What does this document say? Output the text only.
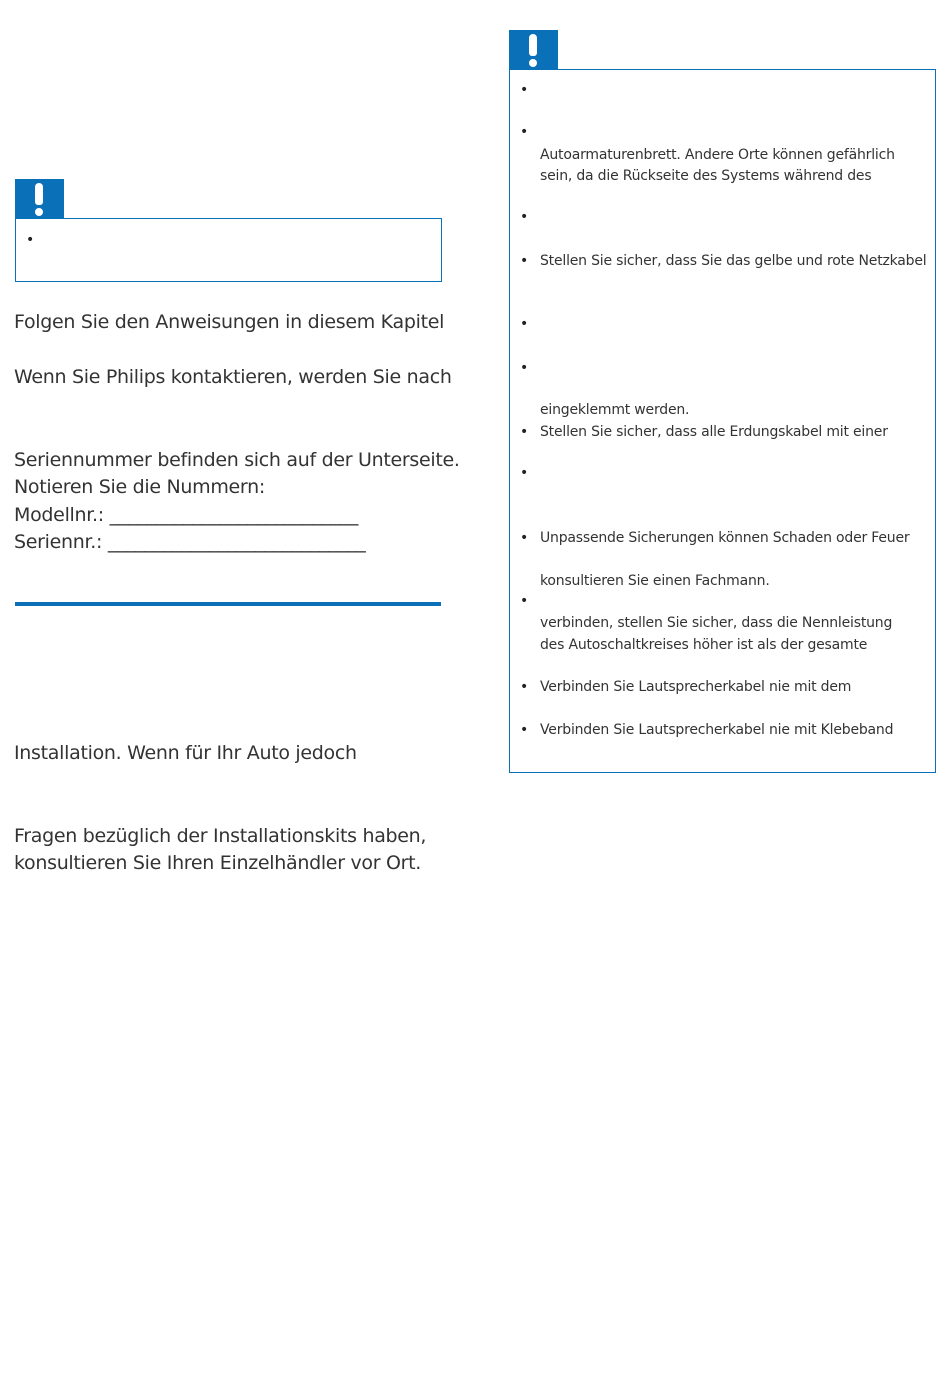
•
Folgen Sie den Anweisungen in diesem Kapitel
Wenn Sie Philips kontaktieren, werden Sie nach
Seriennummer befinden sich auf der Unterseite.
Notieren Sie die Nummern:
Modellnr.: ___________________________
Seriennr.: ____________________________
Installation. Wenn für Ihr Auto jedoch
Fragen bezüglich der Installationskits haben,
konsultieren Sie Ihren Einzelhändler vor Ort.
•
•
•
•
•
•
•
•
•
•
•
•
Autoarmaturenbrett. Andere Orte können gefährlich
sein, da die Rückseite des Systems während des
Stellen Sie sicher, dass Sie das gelbe und rote Netzkabel
eingeklemmt werden.
Stellen Sie sicher, dass alle Erdungskabel mit einer
Unpassende Sicherungen können Schaden oder Feuer
konsultieren Sie einen Fachmann.
verbinden, stellen Sie sicher, dass die Nennleistung
des Autoschaltkreises höher ist als der gesamte
Verbinden Sie Lautsprecherkabel nie mit dem
Verbinden Sie Lautsprecherkabel nie mit Klebeband
